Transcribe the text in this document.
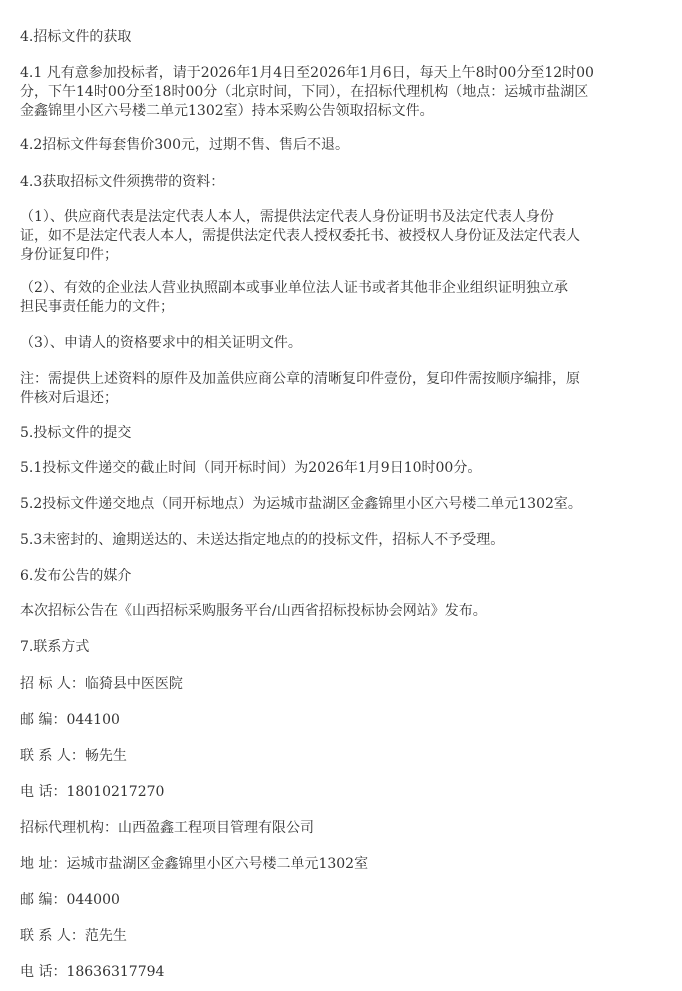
4.招标文件的获取
4.1 凡有意参加投标者，请于2026年1月4日至2026年1月6日，每天上午8时00分至12时00
分，下午14时00分至18时00分（北京时间，下同），在招标代理机构（地点：运城市盐湖区
金鑫锦里小区六号楼二单元1302室）持本采购公告领取招标文件。
4.2招标文件每套售价300元，过期不售、售后不退。
4.3获取招标文件须携带的资料：
（1）、供应商代表是法定代表人本人，需提供法定代表人身份证明书及法定代表人身份
证，如不是法定代表人本人，需提供法定代表人授权委托书、被授权人身份证及法定代表人
身份证复印件；
（2）、有效的企业法人营业执照副本或事业单位法人证书或者其他非企业组织证明独立承
担民事责任能力的文件；
（3）、申请人的资格要求中的相关证明文件。
注：需提供上述资料的原件及加盖供应商公章的清晰复印件壹份，复印件需按顺序编排，原
件核对后退还；
5.投标文件的提交
5.1投标文件递交的截止时间（同开标时间）为2026年1月9日10时00分。
5.2投标文件递交地点（同开标地点）为运城市盐湖区金鑫锦里小区六号楼二单元1302室。
5.3未密封的、逾期送达的、未送达指定地点的的投标文件，招标人不予受理。
6.发布公告的媒介
本次招标公告在《山西招标采购服务平台/山西省招标投标协会网站》发布。
7.联系方式
招 标 人：临猗县中医医院
邮 编：044100
联 系 人：畅先生
电 话：18010217270
招标代理机构：山西盈鑫工程项目管理有限公司
地 址：运城市盐湖区金鑫锦里小区六号楼二单元1302室
邮 编：044000
联 系 人：范先生
电 话：18636317794
